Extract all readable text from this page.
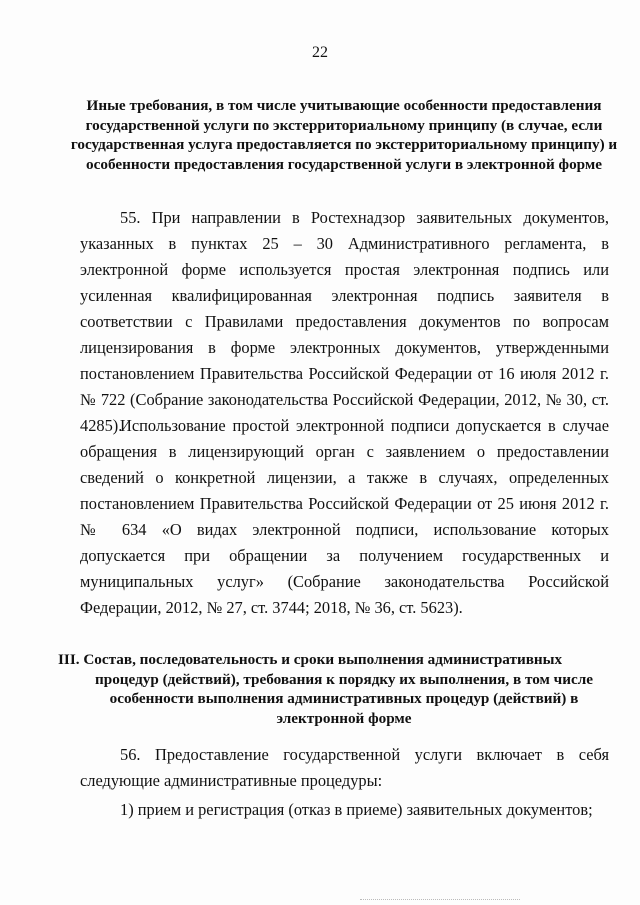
22
Иные требования, в том числе учитывающие особенности предоставления государственной услуги по экстерриториальному принципу (в случае, если государственная услуга предоставляется по экстерриториальному принципу) и особенности предоставления государственной услуги в электронной форме

55. При направлении в Ростехнадзор заявительных документов, указанных в пунктах 25 – 30 Административного регламента, в электронной форме используется простая электронная подпись или усиленная квалифицированная электронная подпись заявителя в соответствии с Правилами предоставления документов по вопросам лицензирования в форме электронных документов, утвержденными постановлением Правительства Российской Федерации от 16 июля 2012 г. № 722 (Собрание законодательства Российской Федерации, 2012, № 30, ст. 4285).

Использование простой электронной подписи допускается в случае обращения в лицензирующий орган с заявлением о предоставлении сведений о конкретной лицензии, а также в случаях, определенных постановлением Правительства Российской Федерации от 25 июня 2012 г. № 634 «О видах электронной подписи, использование которых допускается при обращении за получением государственных и муниципальных услуг» (Собрание законодательства Российской Федерации, 2012, № 27, ст. 3744; 2018, № 36, ст. 5623).

III. Состав, последовательность и сроки выполнения административных
процедур (действий), требования к порядку их выполнения, в том числе особенности выполнения административных процедур (действий) в электронной форме

56. Предоставление государственной услуги включает в себя следующие административные процедуры:

1) прием и регистрация (отказ в приеме) заявительных документов;
